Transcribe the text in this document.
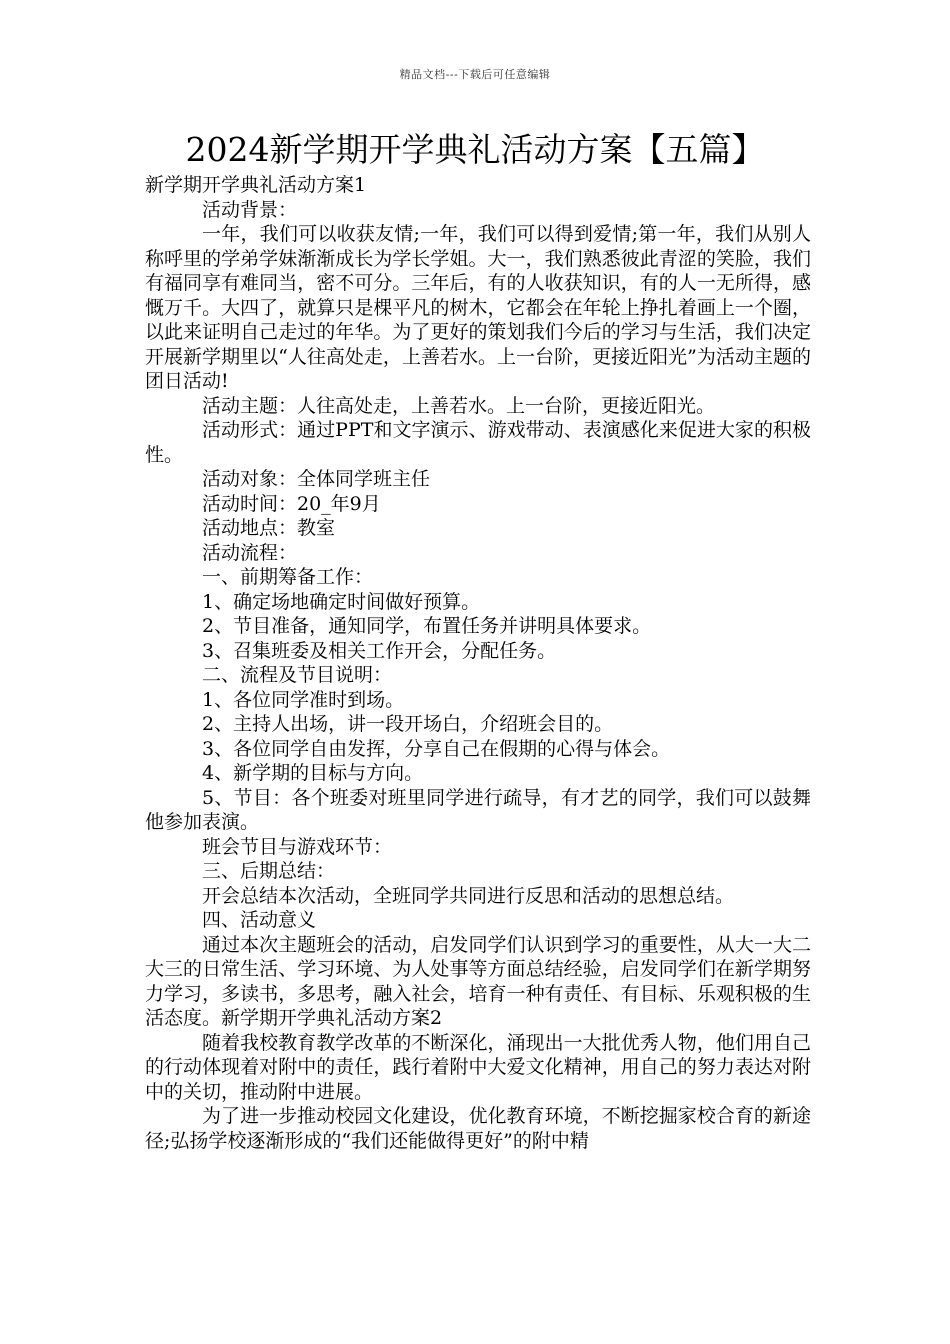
精品文档---下载后可任意编辑
2024新学期开学典礼活动方案【五篇】

新学期开学典礼活动方案1

活动背景：

一年，我们可以收获友情;一年，我们可以得到爱情;第一年，我们从别人称呼里的学弟学妹渐渐成长为学长学姐。大一，我们熟悉彼此青涩的笑脸，我们有福同享有难同当，密不可分。三年后，有的人收获知识，有的人一无所得，感慨万千。大四了，就算只是棵平凡的树木，它都会在年轮上挣扎着画上一个圈，以此来证明自己走过的年华。为了更好的策划我们今后的学习与生活，我们决定开展新学期里以“人往高处走，上善若水。上一台阶，更接近阳光”为活动主题的团日活动!

活动主题：人往高处走，上善若水。上一台阶，更接近阳光。

活动形式：通过PPT和文字演示、游戏带动、表演感化来促进大家的积极性。

活动对象：全体同学班主任

活动时间：20_年9月

活动地点：教室

活动流程：

一、前期筹备工作：

1、确定场地确定时间做好预算。

2、节目准备，通知同学，布置任务并讲明具体要求。

3、召集班委及相关工作开会，分配任务。

二、流程及节目说明：

1、各位同学准时到场。

2、主持人出场，讲一段开场白，介绍班会目的。

3、各位同学自由发挥，分享自己在假期的心得与体会。

4、新学期的目标与方向。

5、节目：各个班委对班里同学进行疏导，有才艺的同学，我们可以鼓舞他参加表演。

班会节目与游戏环节：

三、后期总结：

开会总结本次活动，全班同学共同进行反思和活动的思想总结。

四、活动意义

通过本次主题班会的活动，启发同学们认识到学习的重要性，从大一大二大三的日常生活、学习环境、为人处事等方面总结经验，启发同学们在新学期努力学习，多读书，多思考，融入社会，培育一种有责任、有目标、乐观积极的生活态度。新学期开学典礼活动方案2

随着我校教育教学改革的不断深化，涌现出一大批优秀人物，他们用自己的行动体现着对附中的责任，践行着附中大爱文化精神，用自己的努力表达对附中的关切，推动附中进展。

为了进一步推动校园文化建设，优化教育环境，不断挖掘家校合育的新途径;弘扬学校逐渐形成的“我们还能做得更好”的附中精
